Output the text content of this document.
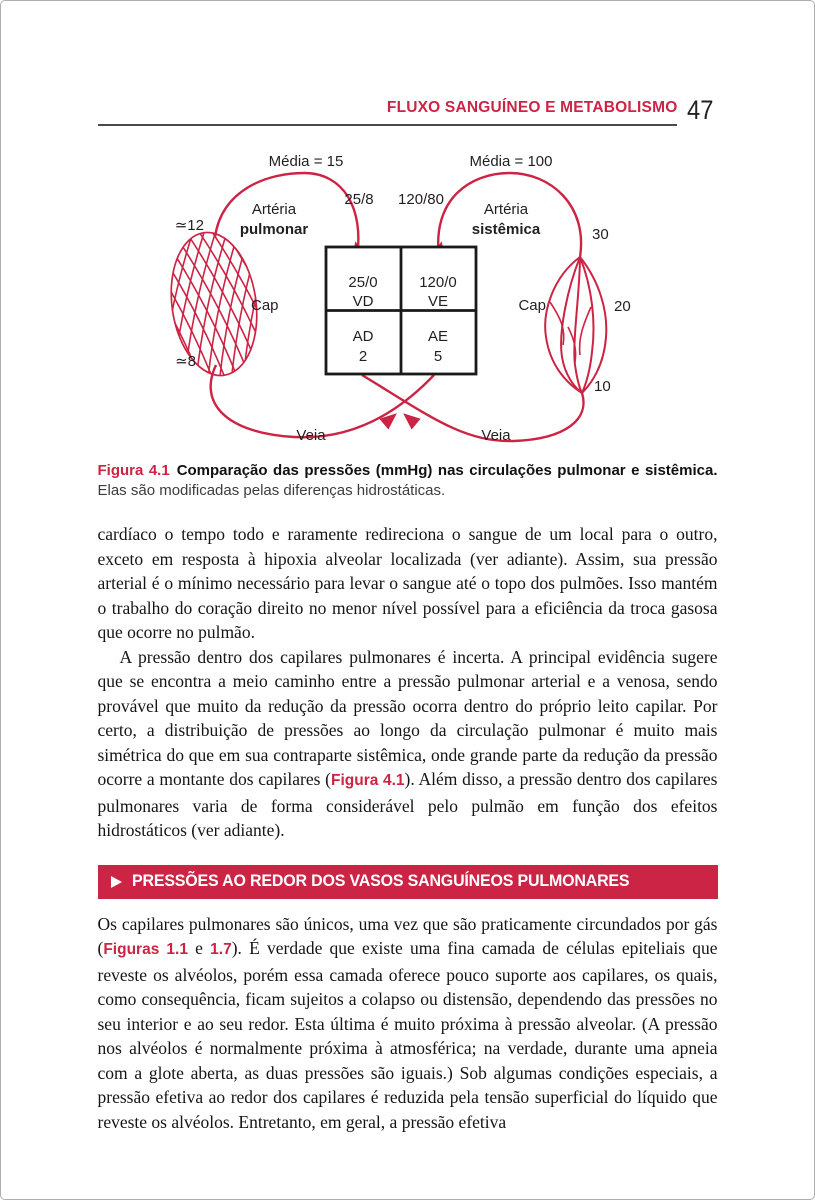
FLUXO SANGUÍNEO E METABOLISMO 47
25/0
VD
120/0
VE
AD
2
AE
5
Média = 15	Média = 100
25/8 120/80
Artéria
pulmonar
Artéria
sistêmica
≃12
≃8
Cap	Cap
30
20
10
Veia	Veia
Figura 4.1 Comparação das pressões (mmHg) nas circulações pulmonar e sistêmica. Elas são modificadas pelas diferenças hidrostáticas.

cardíaco o tempo todo e raramente redireciona o sangue de um local para o outro, exceto em resposta à hipoxia alveolar localizada (ver adiante). Assim, sua pressão arterial é o mínimo necessário para levar o sangue até o topo dos pulmões. Isso mantém o trabalho do coração direito no menor nível possível para a eficiência da troca gasosa que ocorre no pulmão.

A pressão dentro dos capilares pulmonares é incerta. A principal evidência sugere que se encontra a meio caminho entre a pressão pulmonar arterial e a venosa, sendo provável que muito da redução da pressão ocorra dentro do próprio leito capilar. Por certo, a distribuição de pressões ao longo da circulação pulmonar é muito mais simétrica do que em sua contraparte sistêmica, onde grande parte da redução da pressão ocorre a montante dos capilares (Figura 4.1). Além disso, a pressão dentro dos capilares pulmonares varia de forma considerável pelo pulmão em função dos efeitos hidrostáticos (ver adiante).

PRESSÕES AO REDOR DOS VASOS SANGUÍNEOS PULMONARES

Os capilares pulmonares são únicos, uma vez que são praticamente circundados por gás (Figuras 1.1 e 1.7). É verdade que existe uma fina camada de células epiteliais que reveste os alvéolos, porém essa camada oferece pouco suporte aos capilares, os quais, como consequência, ficam sujeitos a colapso ou distensão, dependendo das pressões no seu interior e ao seu redor. Esta última é muito próxima à pressão alveolar. (A pressão nos alvéolos é normalmente próxima à atmosférica; na verdade, durante uma apneia com a glote aberta, as duas pressões são iguais.) Sob algumas condições especiais, a pressão efetiva ao redor dos capilares é reduzida pela tensão superficial do líquido que reveste os alvéolos. Entretanto, em geral, a pressão efetiva
